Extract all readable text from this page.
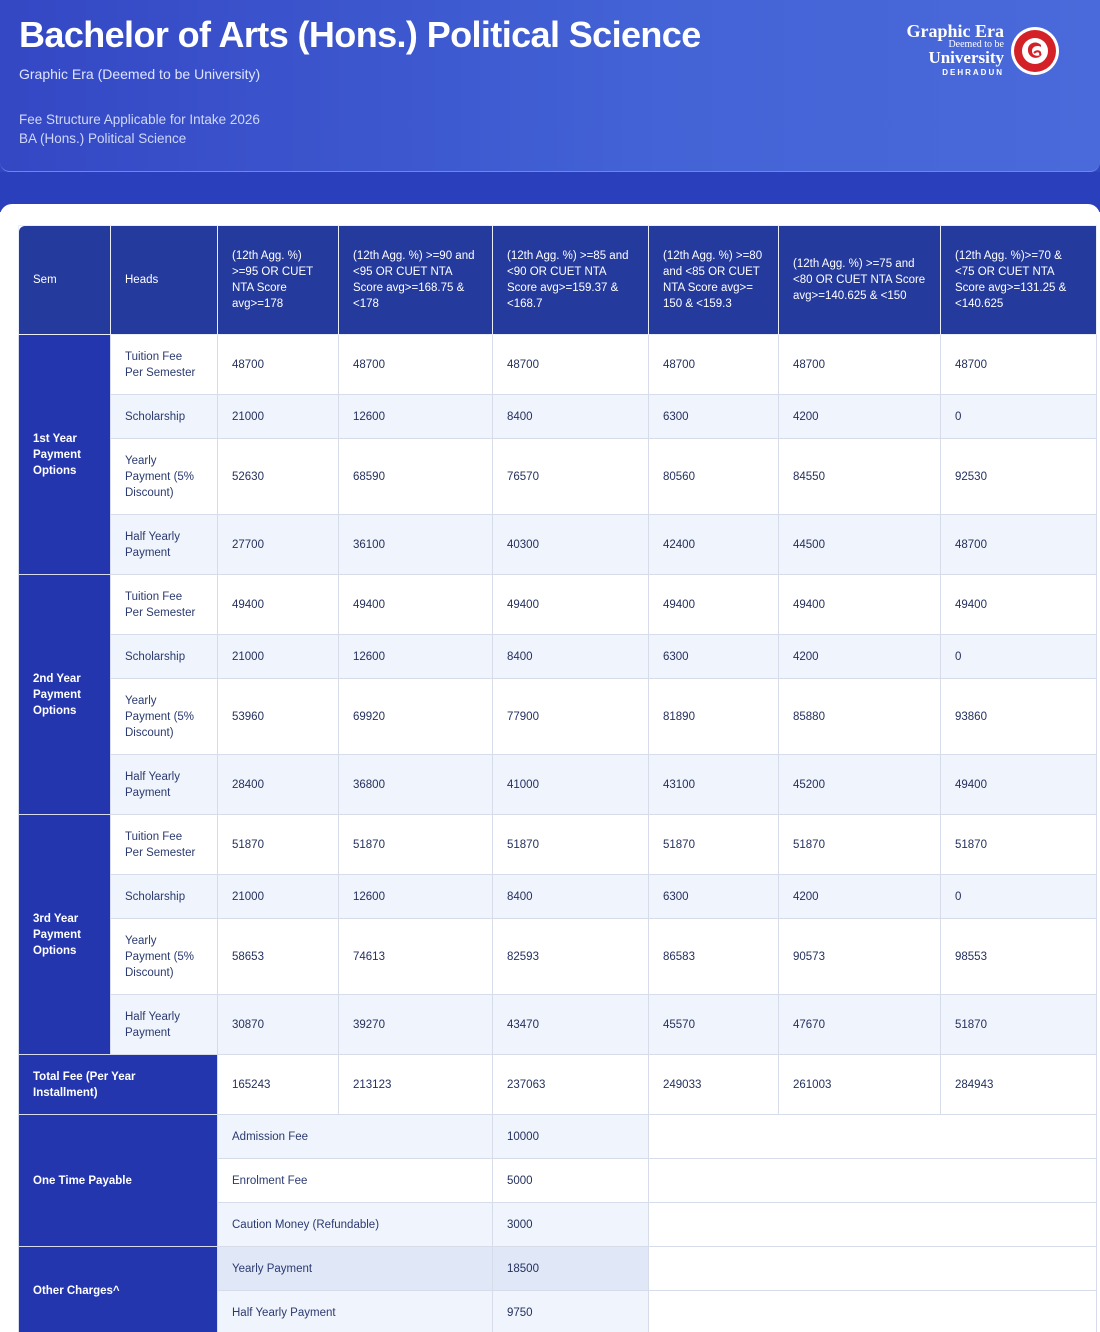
Bachelor of Arts (Hons.) Political Science
Graphic Era (Deemed to be University)
Fee Structure Applicable for Intake 2026
BA (Hons.) Political Science
Graphic Era
Deemed to be
University
DEHRADUN
Sem	Heads	(12th Agg. %) >=95 OR CUET NTA Score avg>=178	(12th Agg. %) >=90 and <95 OR CUET NTA Score avg>=168.75 & <178	(12th Agg. %) >=85 and <90 OR CUET NTA Score avg>=159.37 & <168.7	(12th Agg. %) >=80 and <85 OR CUET NTA Score avg>= 150 & <159.3	(12th Agg. %) >=75 and <80 OR CUET NTA Score avg>=140.625 & <150	(12th Agg. %)>=70 & <75 OR CUET NTA Score avg>=131.25 & <140.625
1st Year Payment Options	Tuition Fee Per Semester	48700	48700	48700	48700	48700	48700
	Scholarship	21000	12600	8400	6300	4200	0
	Yearly Payment (5% Discount)	52630	68590	76570	80560	84550	92530
	Half Yearly Payment	27700	36100	40300	42400	44500	48700
2nd Year Payment Options	Tuition Fee Per Semester	49400	49400	49400	49400	49400	49400
	Scholarship	21000	12600	8400	6300	4200	0
	Yearly Payment (5% Discount)	53960	69920	77900	81890	85880	93860
	Half Yearly Payment	28400	36800	41000	43100	45200	49400
3rd Year Payment Options	Tuition Fee Per Semester	51870	51870	51870	51870	51870	51870
	Scholarship	21000	12600	8400	6300	4200	0
	Yearly Payment (5% Discount)	58653	74613	82593	86583	90573	98553
	Half Yearly Payment	30870	39270	43470	45570	47670	51870
Total Fee (Per Year Installment)		165243	213123	237063	249033	261003	284943
One Time Payable		Admission Fee		10000			
		Enrolment Fee		5000			
		Caution Money (Refundable)		3000			
Other Charges^		Yearly Payment		18500			
		Half Yearly Payment		9750			
